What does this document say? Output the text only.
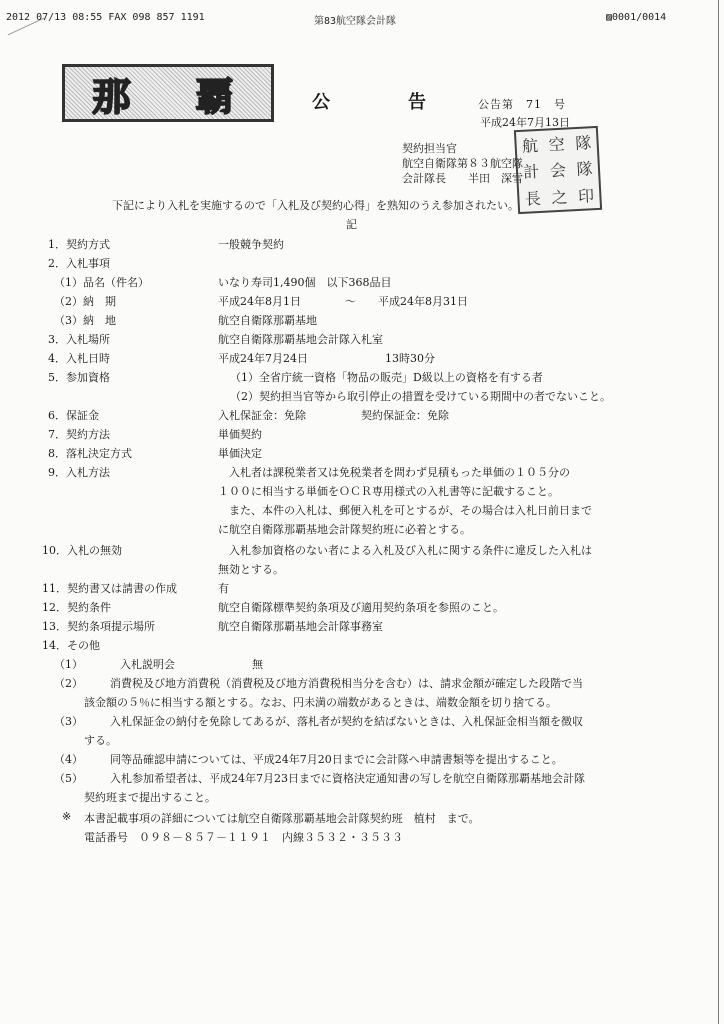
2012 07/13 08:55 FAX 098 857 1191	第83航空隊会計隊	▨0001/0014
那 覇	公　告 公告第　71　号
平成24年7月13日
契約担当官
航空自衛隊第８３航空隊
会計隊長　　半田　深雪
航 空 隊
計 会 隊
長 之 印
下記により入札を実施するので「入札及び契約心得」を熟知のうえ参加されたい。
記
1．契約方式	一般競争契約
2．入札事項
（1）品名（件名）	いなり寿司1,490個　以下368品目
（2）納　期	平成24年8月1日　　　　～　　平成24年8月31日
（3）納　地	航空自衛隊那覇基地
3．入札場所	航空自衛隊那覇基地会計隊入札室
4．入札日時	平成24年7月24日　　　　　　　13時30分
5．参加資格	（1）全省庁統一資格「物品の販売」D級以上の資格を有する者
（2）契約担当官等から取引停止の措置を受けている期間中の者でないこと。
6．保証金	入札保証金：免除　　　　　契約保証金：免除
7．契約方法	単価契約
8．落札決定方式	単価決定
9．入札方法	　入札者は課税業者又は免税業者を問わず見積もった単価の１０５分の
１００に相当する単価をＯＣＲ専用様式の入札書等に記載すること。
　また、本件の入札は、郵便入札を可とするが、その場合は入札日前日まで
に航空自衛隊那覇基地会計隊契約班に必着とする。
10．入札の無効	　入札参加資格のない者による入札及び入札に関する条件に違反した入札は
無効とする。
11．契約書又は請書の作成	有
12．契約条件	航空自衛隊標準契約条項及び適用契約条項を参照のこと。
13．契約条項提示場所	航空自衛隊那覇基地会計隊事務室
14．その他
（1）	入札説明会　　　　　　　無
（2） 消費税及び地方消費税（消費税及び地方消費税相当分を含む）は、請求金額が確定した段階で当
該金額の５％に相当する額とする。なお、円未満の端数があるときは、端数金額を切り捨てる。
（3） 入札保証金の納付を免除してあるが、落札者が契約を結ばないときは、入札保証金相当額を徴収
する。
（4） 同等品確認申請については、平成24年7月20日までに会計隊へ申請書類等を提出すること。
（5） 入札参加希望者は、平成24年7月23日までに資格決定通知書の写しを航空自衛隊那覇基地会計隊
契約班まで提出すること。
※ 本書記載事項の詳細については航空自衛隊那覇基地会計隊契約班　植村　まで。
電話番号　０９８－８５７－１１９１　内線３５３２・３５３３
